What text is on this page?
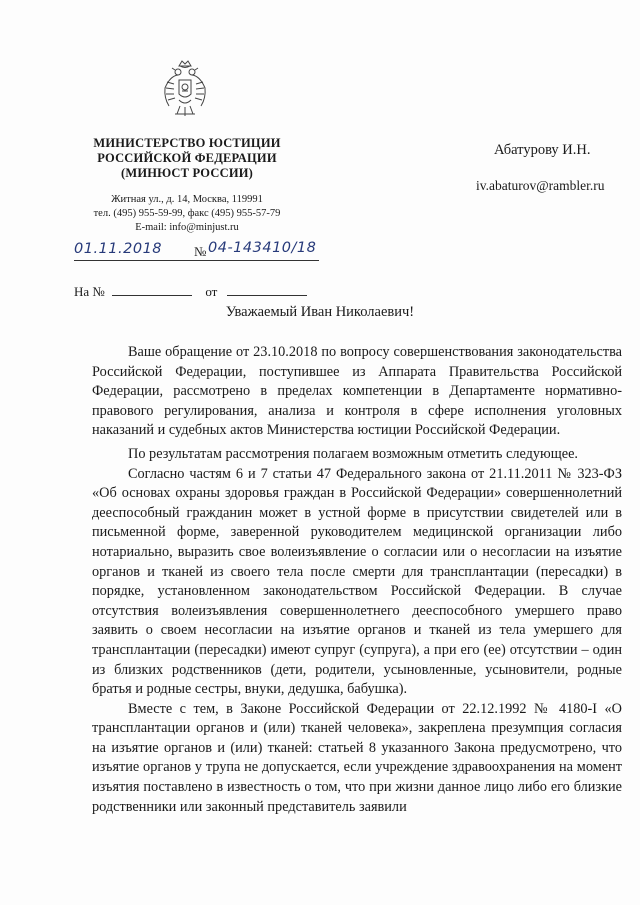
МИНИСТЕРСТВО ЮСТИЦИИ
РОССИЙСКОЙ ФЕДЕРАЦИИ
(МИНЮСТ РОССИИ)
Житная ул., д. 14, Москва, 119991
тел. (495) 955-59-99, факс (495) 955-57-79
E-mail: info@minjust.ru
Абатурову И.Н.
iv.abaturov@rambler.ru
01.11.2018 № 04-143410/18
На №	от
Уважаемый Иван Николаевич!

Ваше обращение от 23.10.2018 по вопросу совершенствования законодательства Российской Федерации, поступившее из Аппарата Правительства Российской Федерации, рассмотрено в пределах компетенции в Департаменте нормативно-правового регулирования, анализа и контроля в сфере исполнения уголовных наказаний и судебных актов Министерства юстиции Российской Федерации.

По результатам рассмотрения полагаем возможным отметить следующее.

Согласно частям 6 и 7 статьи 47 Федерального закона от 21.11.2011 № 323-ФЗ «Об основах охраны здоровья граждан в Российской Федерации» совершеннолетний дееспособный гражданин может в устной форме в присутствии свидетелей или в письменной форме, заверенной руководителем медицинской организации либо нотариально, выразить свое волеизъявление о согласии или о несогласии на изъятие органов и тканей из своего тела после смерти для трансплантации (пересадки) в порядке, установленном законодательством Российской Федерации. В случае отсутствия волеизъявления совершеннолетнего дееспособного умершего право заявить о своем несогласии на изъятие органов и тканей из тела умершего для трансплантации (пересадки) имеют супруг (супруга), а при его (ее) отсутствии – один из близких родственников (дети, родители, усыновленные, усыновители, родные братья и родные сестры, внуки, дедушка, бабушка).

Вместе с тем, в Законе Российской Федерации от 22.12.1992 № 4180-I «О трансплантации органов и (или) тканей человека», закреплена презумпция согласия на изъятие органов и (или) тканей: статьей 8 указанного Закона предусмотрено, что изъятие органов у трупа не допускается, если учреждение здравоохранения на момент изъятия поставлено в известность о том, что при жизни данное лицо либо его близкие родственники или законный представитель заявили
